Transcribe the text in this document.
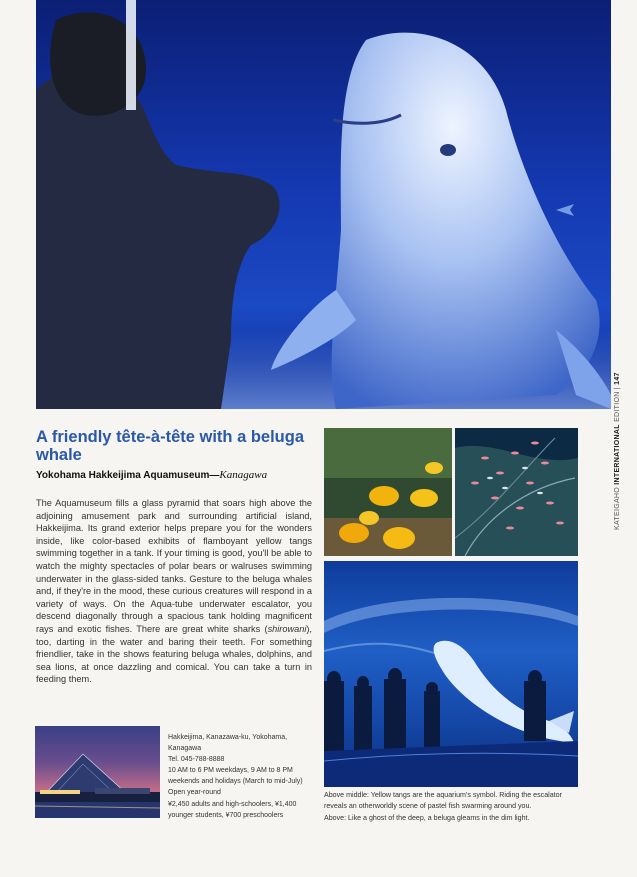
KATEIGAHO INTERNATIONAL EDITION | 147
A friendly tête-à-tête with a beluga whale
Yokohama Hakkeijima Aquamuseum—Kanagawa
The Aquamuseum fills a glass pyramid that soars high above the adjoining amusement park and surrounding artificial island, Hakkeijima. Its grand exterior helps prepare you for the wonders inside, like color-based exhibits of flamboyant yellow tangs swimming together in a tank. If your timing is good, you'll be able to watch the mighty spectacles of polar bears or walruses swimming underwater in the glass-sided tanks. Gesture to the beluga whales and, if they're in the mood, these curious creatures will respond in a variety of ways. On the Aqua-tube underwater escalator, you descend diagonally through a spacious tank holding magnificent rays and exotic fishes. There are great white sharks (shirowani), too, darting in the water and baring their teeth. For something friendlier, take in the shows featuring beluga whales, dolphins, and sea lions, at once dazzling and comical. You can take a turn in feeding them.
Hakkeijima, Kanazawa-ku, Yokohama,
Kanagawa
Tel. 045-788-8888
10 AM to 6 PM weekdays, 9 AM to 8 PM
weekends and holidays (March to mid-July)
Open year-round
¥2,450 adults and high-schoolers, ¥1,400
younger students, ¥700 preschoolers
Above middle: Yellow tangs are the aquarium's symbol. Riding the escalator
reveals an otherworldly scene of pastel fish swarming around you.
Above: Like a ghost of the deep, a beluga gleams in the dim light.
